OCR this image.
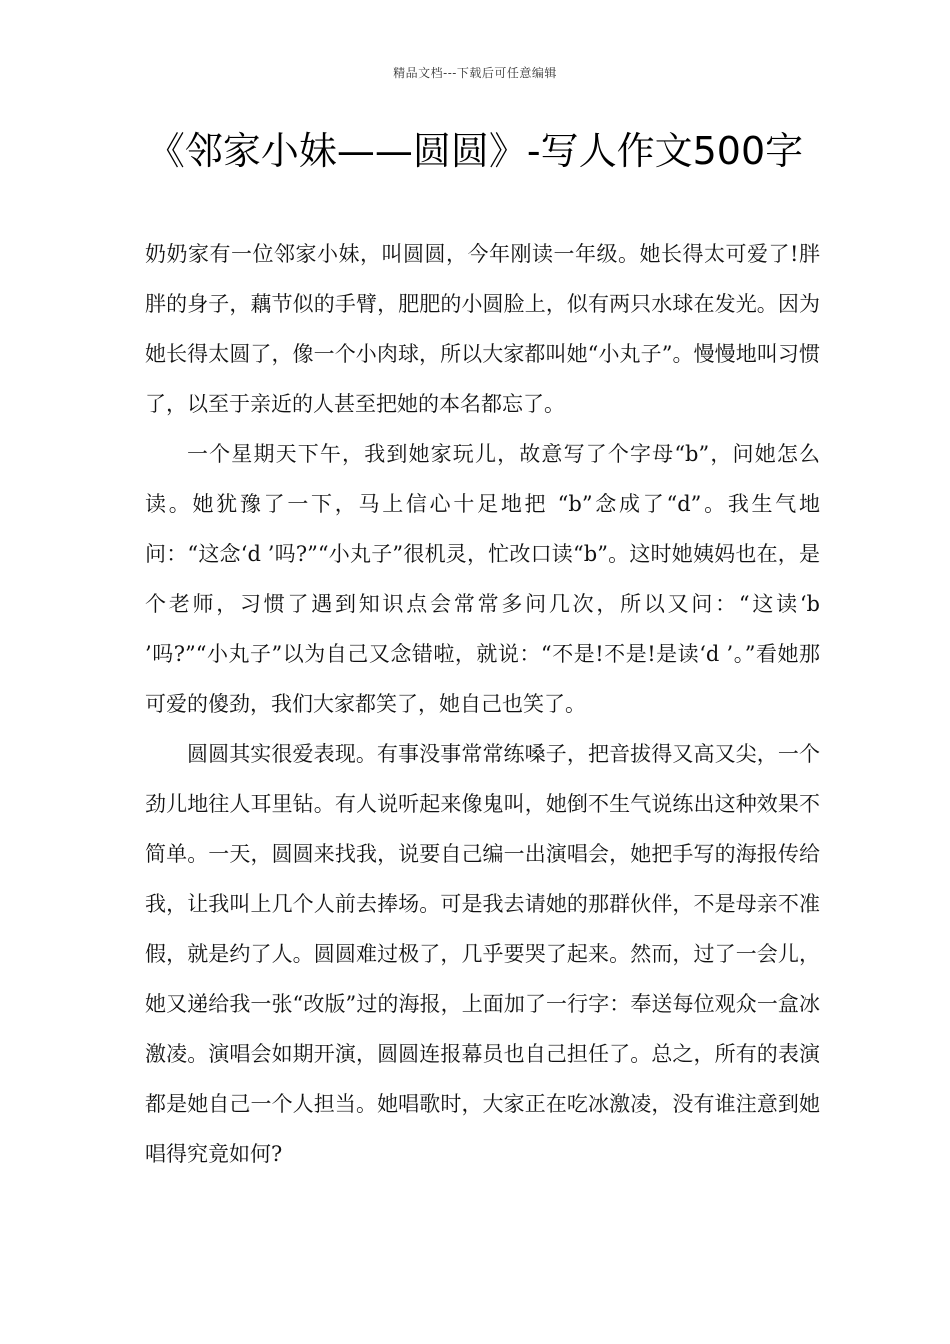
精品文档---下载后可任意编辑
《邻家小妹——圆圆》-写人作文500字

奶奶家有一位邻家小妹，叫圆圆，今年刚读一年级。她长得太可爱了!胖胖的身子，藕节似的手臂，肥肥的小圆脸上，似有两只水球在发光。因为她长得太圆了，像一个小肉球，所以大家都叫她“小丸子”。慢慢地叫习惯了，以至于亲近的人甚至把她的本名都忘了。

一个星期天下午，我到她家玩儿，故意写了个字母“b”，问她怎么读。她犹豫了一下，马上信心十足地把 “b”念成了“d”。我生气地问：“这念‘d ’吗?”“小丸子”很机灵，忙改口读“b”。这时她姨妈也在，是个老师，习惯了遇到知识点会常常多问几次，所以又问：“这读‘b ’吗?”“小丸子”以为自己又念错啦，就说：“不是!不是!是读‘d ’。”看她那可爱的傻劲，我们大家都笑了，她自己也笑了。

圆圆其实很爱表现。有事没事常常练嗓子，把音拔得又高又尖，一个劲儿地往人耳里钻。有人说听起来像鬼叫，她倒不生气说练出这种效果不简单。一天，圆圆来找我，说要自己编一出演唱会，她把手写的海报传给我，让我叫上几个人前去捧场。可是我去请她的那群伙伴，不是母亲不准假，就是约了人。圆圆难过极了，几乎要哭了起来。然而，过了一会儿，她又递给我一张“改版”过的海报，上面加了一行字：奉送每位观众一盒冰激凌。演唱会如期开演，圆圆连报幕员也自己担任了。总之，所有的表演都是她自己一个人担当。她唱歌时，大家正在吃冰激凌，没有谁注意到她唱得究竟如何?
